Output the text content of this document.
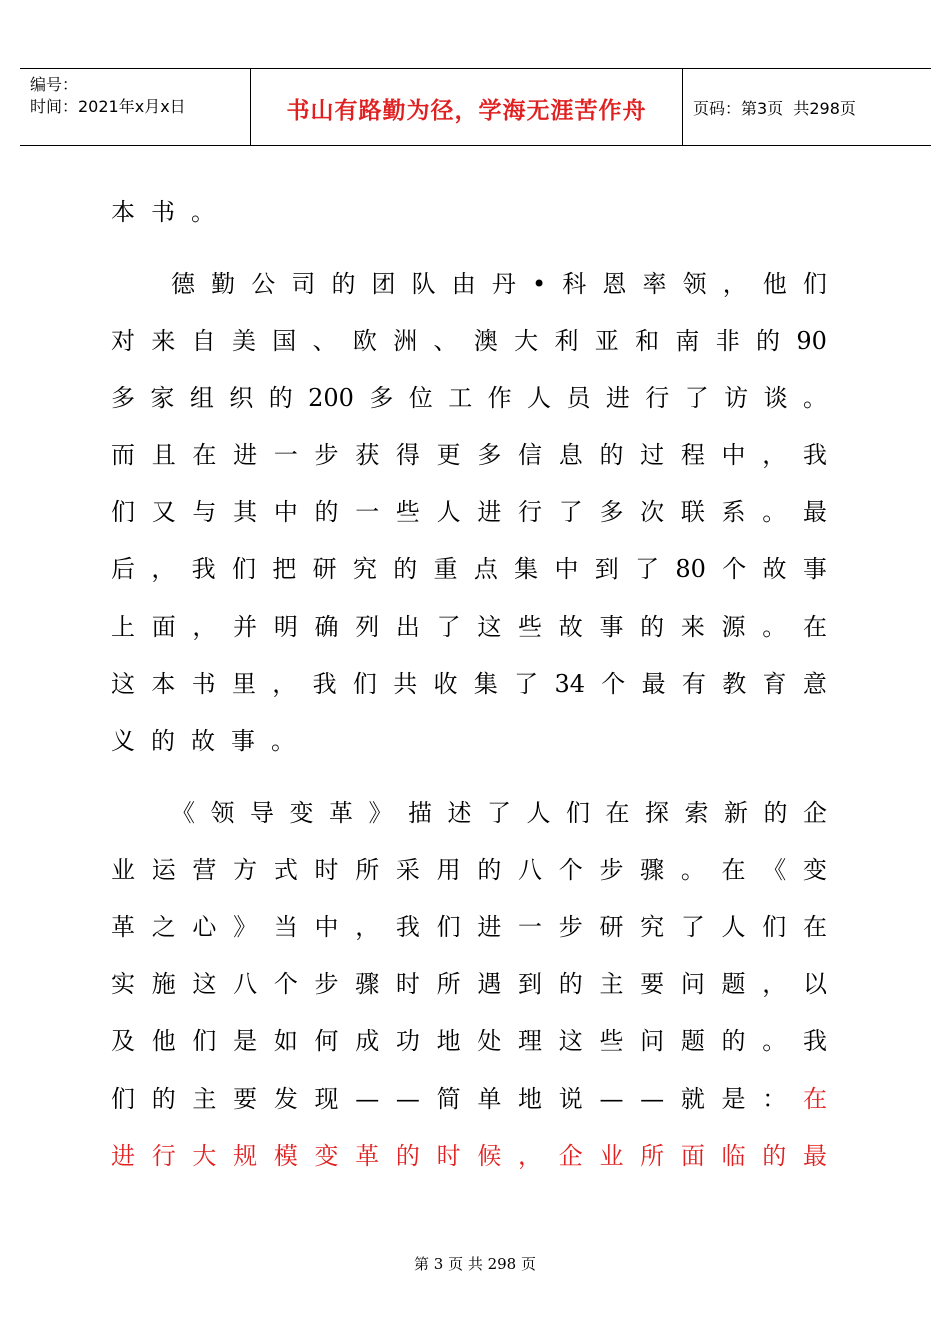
编号：
时间：2021年x月x日	书山有路勤为径，学海无涯苦作舟	页码：第3页  共298页
本 书 。
德 勤 公 司 的 团 队 由 丹 • 科 恩 率 领 ， 他 们
对 来 自 美 国 、 欧 洲 、 澳 大 利 亚 和 南 非 的 90
多 家 组 织 的 200 多 位 工 作 人 员 进 行 了 访 谈 。
而 且 在 进 一 步 获 得 更 多 信 息 的 过 程 中 ， 我
们 又 与 其 中 的 一 些 人 进 行 了 多 次 联 系 。 最
后 ， 我 们 把 研 究 的 重 点 集 中 到 了 80 个 故 事
上 面 ， 并 明 确 列 出 了 这 些 故 事 的 来 源 。 在
这 本 书 里 ， 我 们 共 收 集 了 34 个 最 有 教 育 意
义 的 故 事 。
《 领 导 变 革 》 描 述 了 人 们 在 探 索 新 的 企
业 运 营 方 式 时 所 采 用 的 八 个 步 骤 。 在 《 变
革 之 心 》 当 中 ， 我 们 进 一 步 研 究 了 人 们 在
实 施 这 八 个 步 骤 时 所 遇 到 的 主 要 问 题 ， 以
及 他 们 是 如 何 成 功 地 处 理 这 些 问 题 的 。 我
们 的 主 要 发 现 — — 简 单 地 说 — — 就 是 ： 在
进 行 大 规 模 变 革 的 时 候 ， 企 业 所 面 临 的 最
第 3 页 共 298 页
